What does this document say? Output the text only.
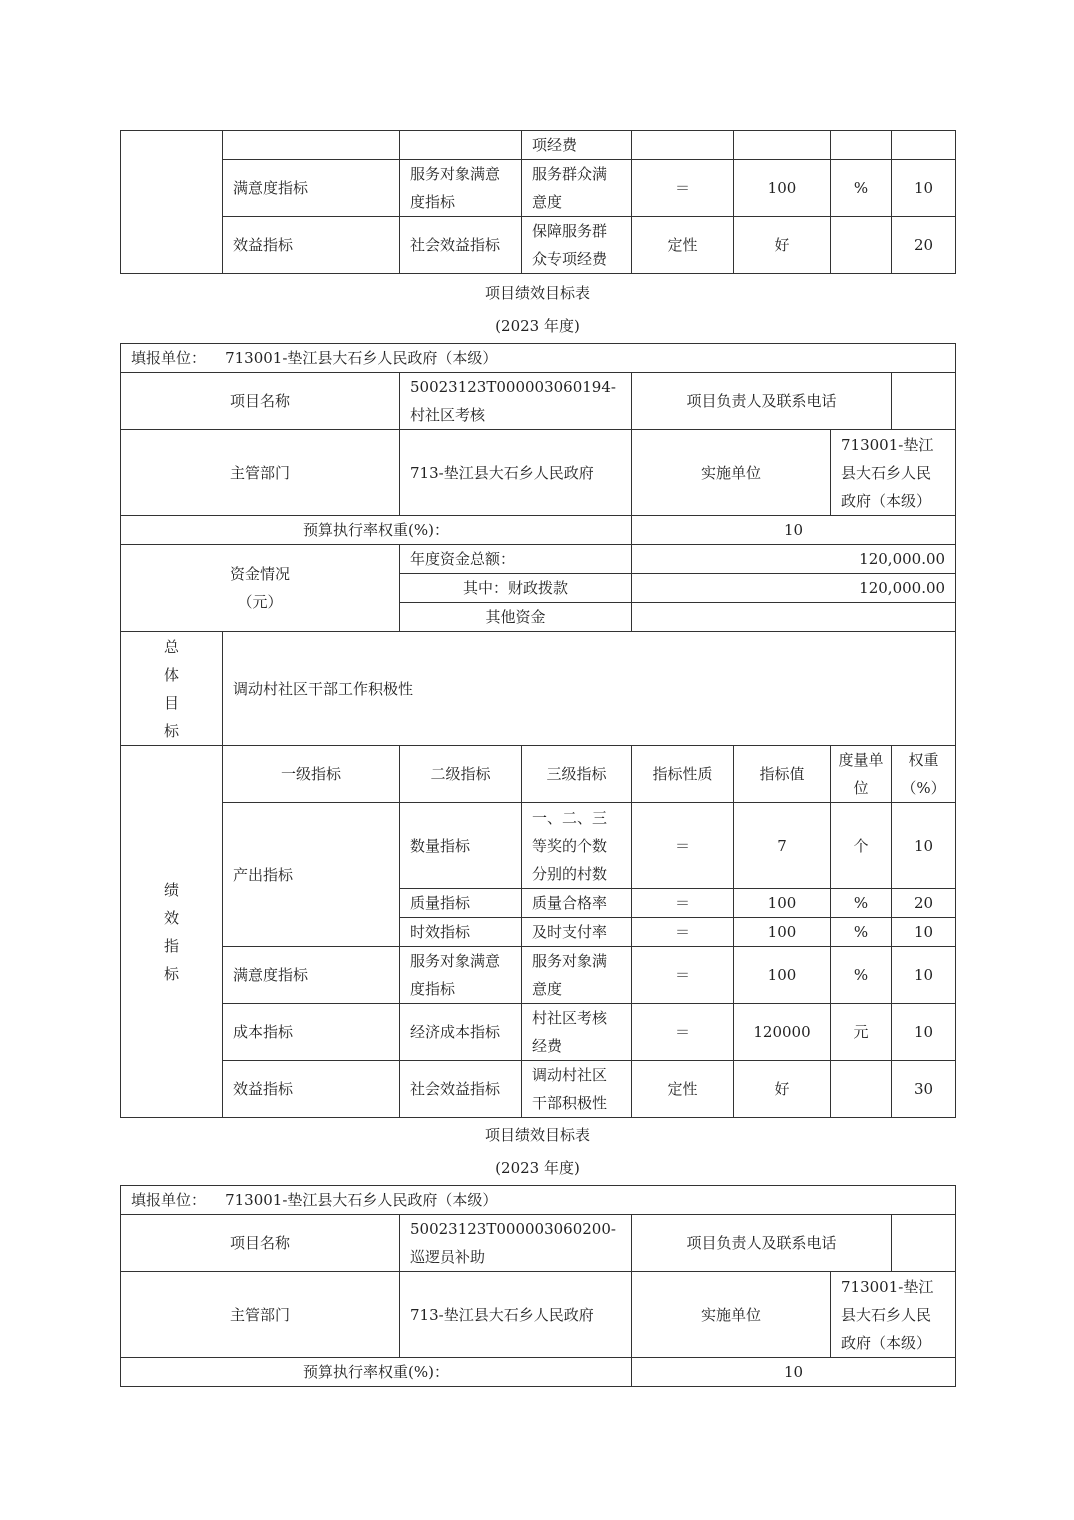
			项经费				
	满意度指标	服务对象满意度指标	服务群众满意度	＝	100	%	10
	效益指标	社会效益指标	保障服务群众专项经费	定性	好		20
项目绩效目标表
(2023 年度)
填报单位： 713001-垫江县大石乡人民政府（本级）							
项目名称		50023123T000003060194-村社区考核		项目负责人及联系电话			
主管部门		713-垫江县大石乡人民政府		实施单位		713001-垫江县大石乡人民政府（本级）	
预算执行率权重(%)：				10			

资金情况
（元）		年度资金总额：		120,000.00			
		其中：财政拨款		120,000.00			
		其他资金					

总
体
目
标	调动村社区干部工作积极性						

绩
效
指
标	一级指标	二级指标	三级指标	指标性质	指标值	度量单位	权重（%）
	产出指标	数量指标	一、二、三等奖的个数分别的村数	＝	7	个	10
		质量指标	质量合格率	＝	100	%	20
		时效指标	及时支付率	＝	100	%	10
	满意度指标	服务对象满意度指标	服务对象满意度	＝	100	%	10
	成本指标	经济成本指标	村社区考核经费	＝	120000	元	10
	效益指标	社会效益指标	调动村社区干部积极性	定性	好		30
项目绩效目标表
(2023 年度)
填报单位： 713001-垫江县大石乡人民政府（本级）				
项目名称	50023123T000003060200-巡逻员补助	项目负责人及联系电话		
主管部门	713-垫江县大石乡人民政府	实施单位	713001-垫江县大石乡人民政府（本级）	
预算执行率权重(%)：		10		
